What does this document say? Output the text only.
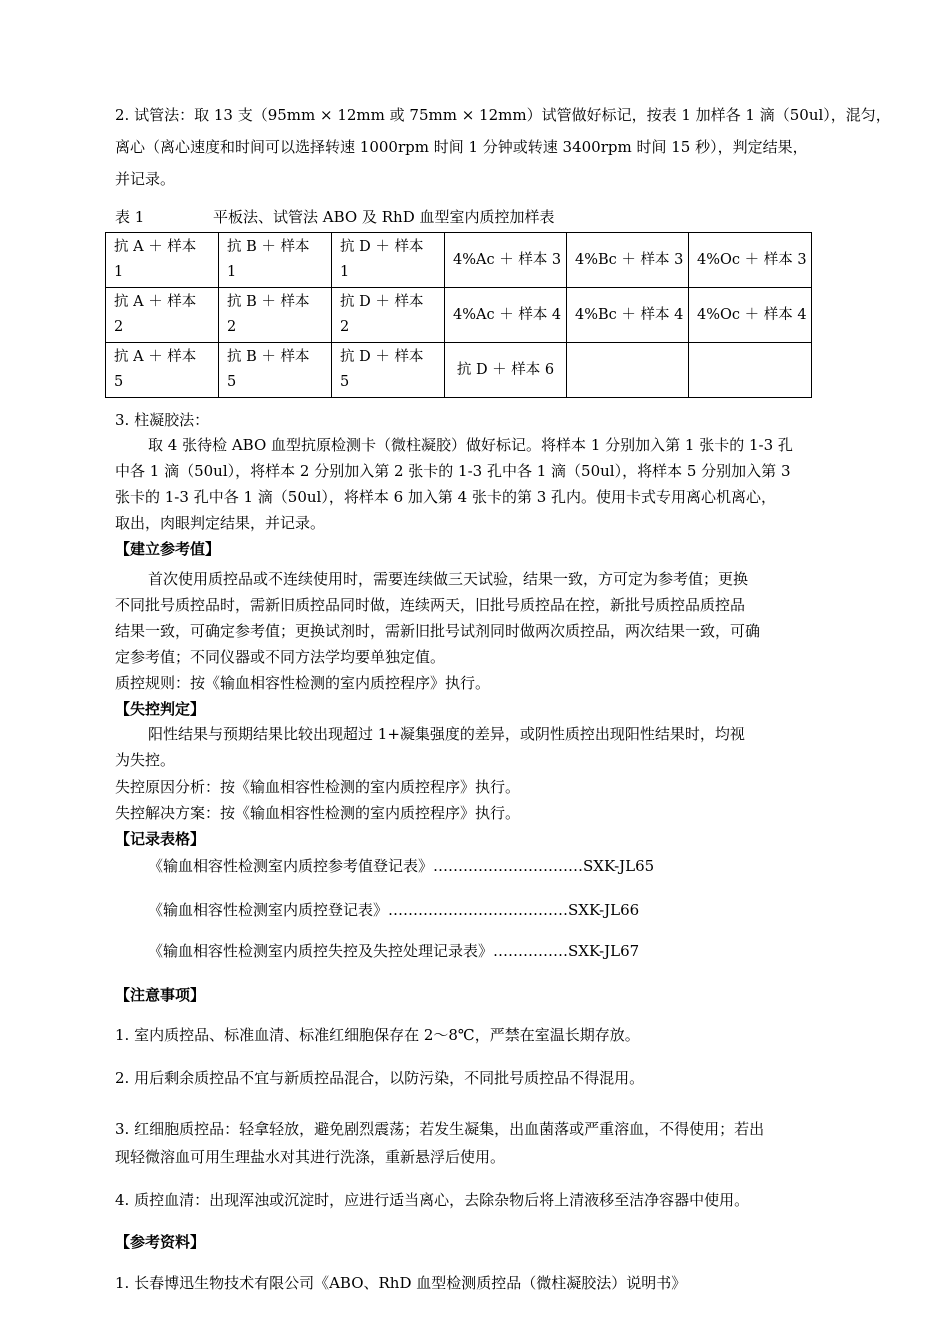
2. 试管法：取 13 支（95mm × 12mm 或 75mm × 12mm）试管做好标记，按表 1 加样各 1 滴（50ul），混匀，
离心（离心速度和时间可以选择转速 1000rpm 时间 1 分钟或转速 3400rpm 时间 15 秒），判定结果，
并记录。
表 1	平板法、试管法 ABO 及 RhD 血型室内质控加样表
抗 A ＋ 样本 1	抗 B ＋ 样本 1	抗 D ＋ 样本 1	4%Ac ＋ 样本 3	4%Bc ＋ 样本 3	4%Oc ＋ 样本 3
抗 A ＋ 样本 2	抗 B ＋ 样本 2	抗 D ＋ 样本 2	4%Ac ＋ 样本 4	4%Bc ＋ 样本 4	4%Oc ＋ 样本 4
抗 A ＋ 样本 5	抗 B ＋ 样本 5	抗 D ＋ 样本 5	抗 D ＋ 样本 6		
3. 柱凝胶法：
取 4 张待检 ABO 血型抗原检测卡（微柱凝胶）做好标记。将样本 1 分别加入第 1 张卡的 1-3 孔
中各 1 滴（50ul），将样本 2 分别加入第 2 张卡的 1-3 孔中各 1 滴（50ul），将样本 5 分别加入第 3
张卡的 1-3 孔中各 1 滴（50ul），将样本 6 加入第 4 张卡的第 3 孔内。使用卡式专用离心机离心，
取出，肉眼判定结果，并记录。
【建立参考值】
首次使用质控品或不连续使用时，需要连续做三天试验，结果一致，方可定为参考值；更换
不同批号质控品时，需新旧质控品同时做，连续两天，旧批号质控品在控，新批号质控品质控品
结果一致，可确定参考值；更换试剂时，需新旧批号试剂同时做两次质控品，两次结果一致，可确
定参考值；不同仪器或不同方法学均要单独定值。
质控规则：按《输血相容性检测的室内质控程序》执行。
【失控判定】
阳性结果与预期结果比较出现超过 1+凝集强度的差异，或阴性质控出现阳性结果时，均视
为失控。
失控原因分析：按《输血相容性检测的室内质控程序》执行。
失控解决方案：按《输血相容性检测的室内质控程序》执行。
【记录表格】
《输血相容性检测室内质控参考值登记表》…………………………SXK-JL65
《输血相容性检测室内质控登记表》………………………………SXK-JL66
《输血相容性检测室内质控失控及失控处理记录表》……………SXK-JL67
【注意事项】
1. 室内质控品、标准血清、标准红细胞保存在 2～8℃，严禁在室温长期存放。
2. 用后剩余质控品不宜与新质控品混合，以防污染，不同批号质控品不得混用。
3. 红细胞质控品：轻拿轻放，避免剧烈震荡；若发生凝集，出血菌落或严重溶血，不得使用；若出
现轻微溶血可用生理盐水对其进行洗涤，重新悬浮后使用。
4. 质控血清：出现浑浊或沉淀时，应进行适当离心，去除杂物后将上清液移至洁净容器中使用。
【参考资料】
1. 长春博迅生物技术有限公司《ABO、RhD 血型检测质控品（微柱凝胶法）说明书》
